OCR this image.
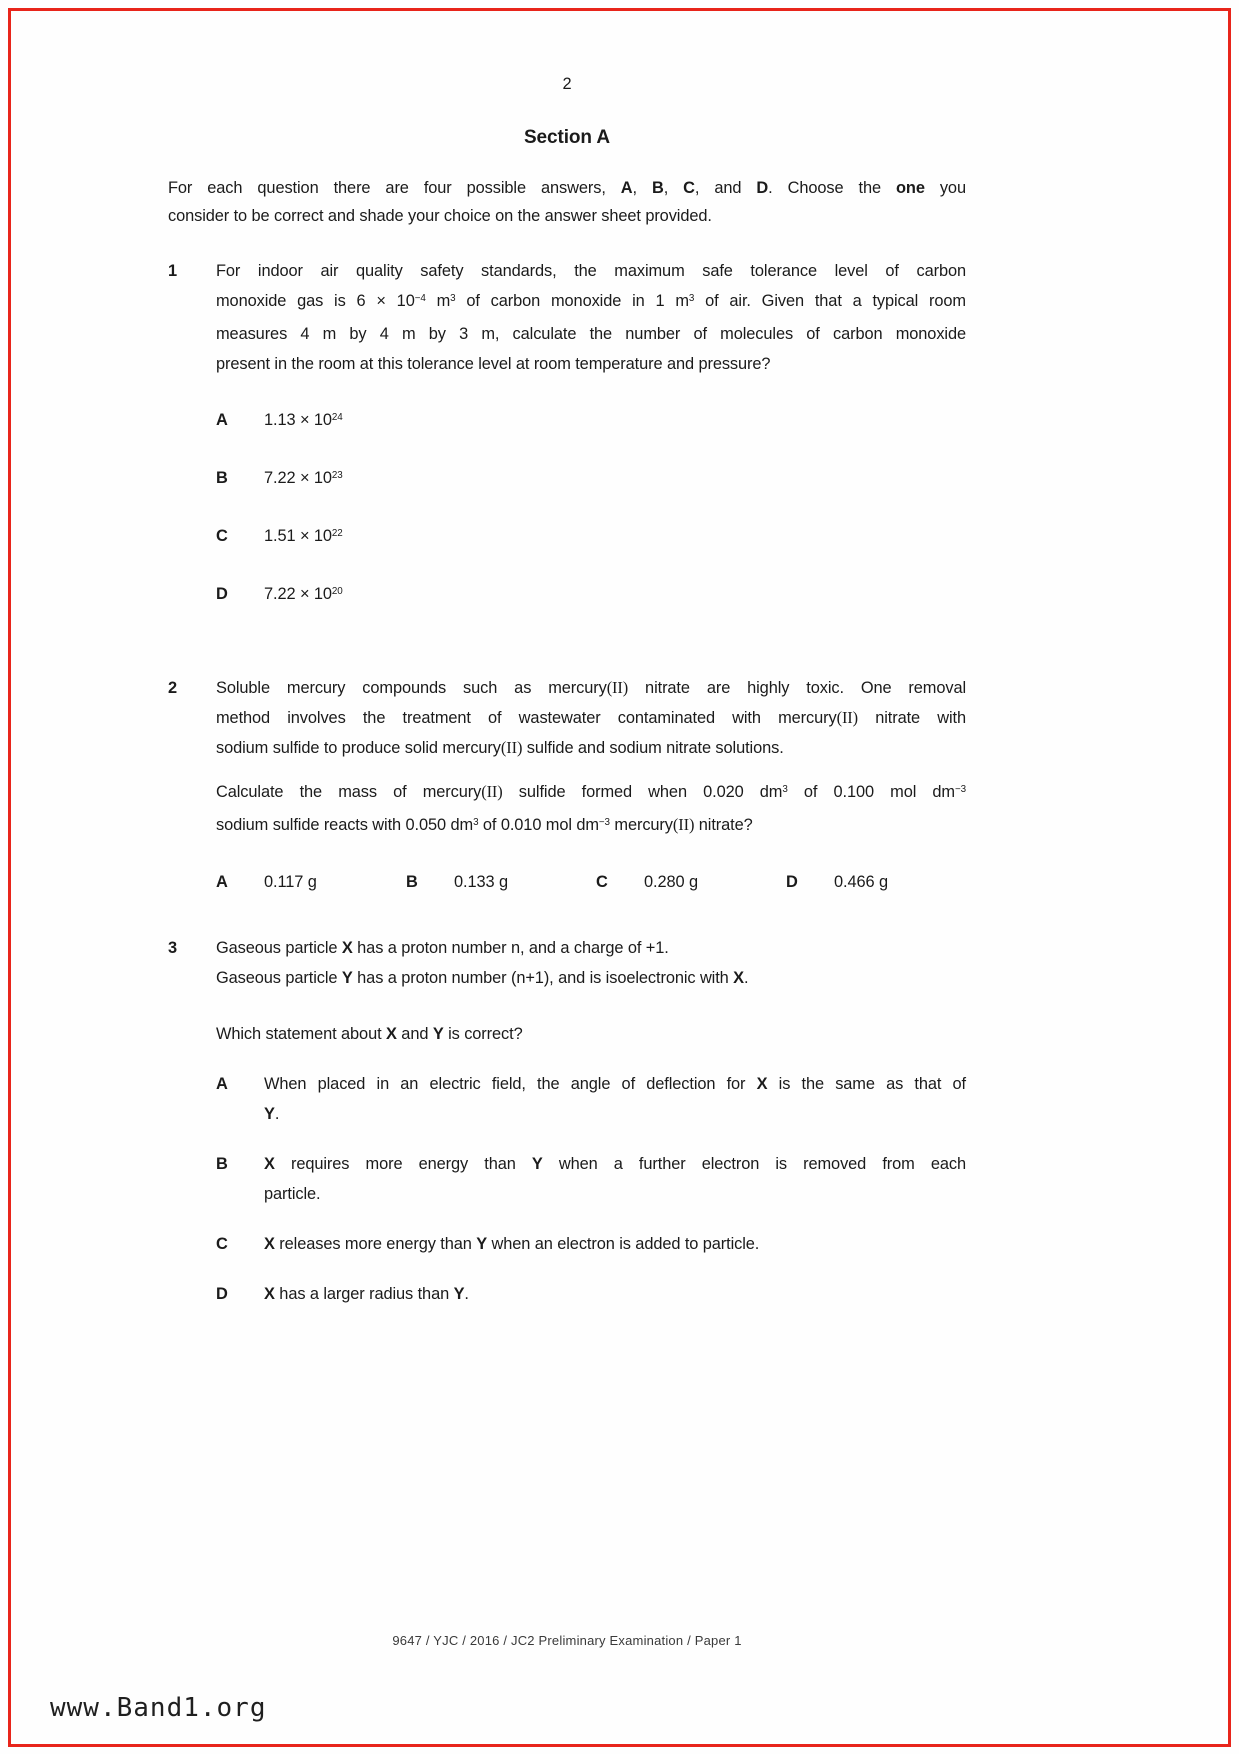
2
Section A
For each question there are four possible answers, A, B, C, and D. Choose the one you
consider to be correct and shade your choice on the answer sheet provided.
1	For indoor air quality safety standards, the maximum safe tolerance level of carbon
monoxide gas is $6 \times 10^{-4}$ $m^3$ of carbon monoxide in 1 $m^3$ of air. Given that a typical room
measures 4 m by 4 m by 3 m, calculate the number of molecules of carbon monoxide
present in the room at this tolerance level at room temperature and pressure?
A $1.13 \times 10^{24}$
B $7.22 \times 10^{23}$
C $1.51 \times 10^{22}$
D $7.22 \times 10^{20}$
2	Soluble mercury compounds such as mercury(II) nitrate are highly toxic. One removal
method involves the treatment of wastewater contaminated with mercury(II) nitrate with
sodium sulfide to produce solid mercury(II) sulfide and sodium nitrate solutions.
Calculate the mass of mercury(II) sulfide formed when 0.020 $dm^3$ of 0.100 mol $dm^{-3}$
sodium sulfide reacts with 0.050 $dm^3$ of 0.010 mol $dm^{-3}$ mercury(II) nitrate?
A 0.117 g	B 0.133 g	C 0.280 g	D 0.466 g
3	Gaseous particle X has a proton number n, and a charge of +1.
Gaseous particle Y has a proton number (n+1), and is isoelectronic with X.
Which statement about X and Y is correct?
A	When placed in an electric field, the angle of deflection for X is the same as that of
Y.
B	X requires more energy than Y when a further electron is removed from each
particle.
C	X releases more energy than Y when an electron is added to particle.
D	X has a larger radius than Y.
9647 / YJC / 2016 / JC2 Preliminary Examination / Paper 1
www.Band1.org
